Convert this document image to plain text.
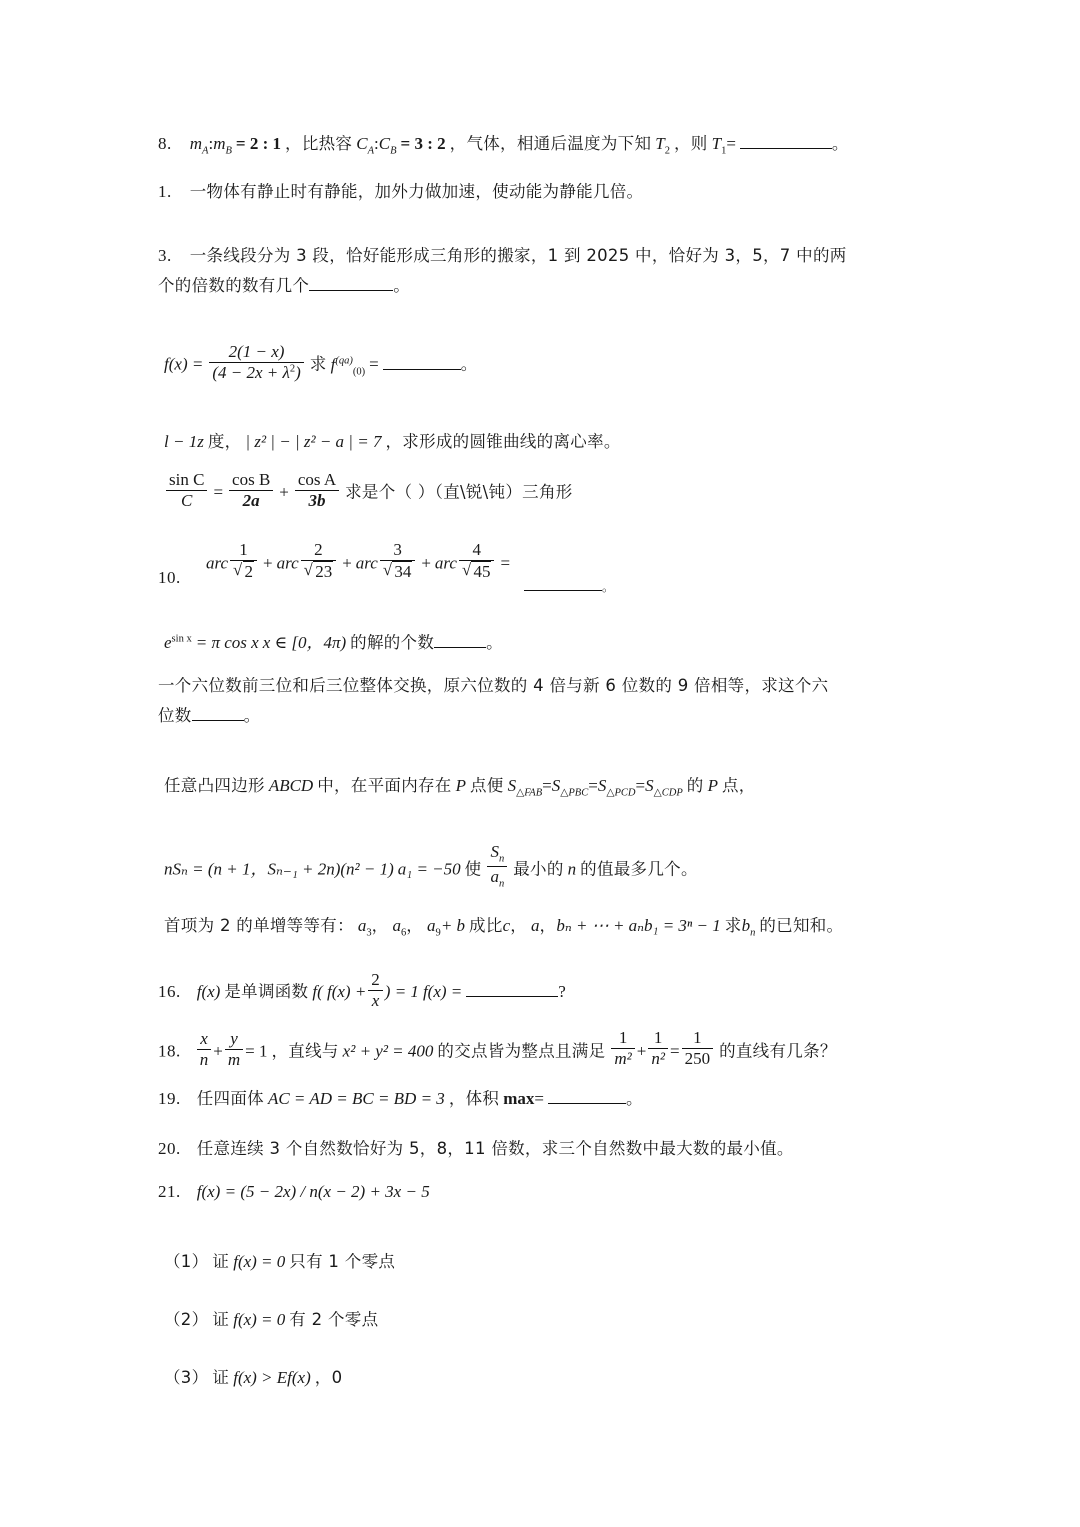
8. $m_A:m_B = 2$ : 1 ，比热容 $C_A:C_B = 3$ : 2 ，气体，相通后温度为下知 $T_2$ ，则 $T_1=$	。
1. 一物体有静止时有静能，加外力做加速，使动能为静能几倍。
3. 一条线段分为 3 段，恰好能形成三角形的搬家，1 到 2025 中，恰好为 3，5，7 中的两
个的倍数的数有几个	。
$f(x) = \frac{2(1 - x)}{(4 - 2x + \lambda^2)}$ 求 $f^{(qa)}_{(0)}$ =	。
l − 1z 度， | z² | − | z² − a | = 7 ，求形成的圆锥曲线的离心率。
$\frac{\text{sin C}}{C} = \frac{\text{cos B}}{2a} + \frac{\text{cos A}}{3b}$ 求是个（ ）（直\锐\钝）三角形
10.
arc 1
√ 2 + arc 2
√ 23 + arc 3
√ 34 + arc 4
√ 45 =
。
$e^{sin x} = \pi$ cos x x ∈ [0，4π) 的解的个数	。
一个六位数前三位和后三位整体交换，原六位数的 4 倍与新 6 位数的 9 倍相等，求这个六
位数	。
任意凸四边形 ABCD 中，在平面内存在 P 点便 $S_{\triangle FAB}=S_{\triangle PBC}=S_{\triangle PCD}=S_{\triangle CDP}$ 的 P 点，
nSₙ = (n + 1，Sₙ₋₁ + 2n)(n² − 1) a₁ = −50 使 $\frac{S_n}{a_n}$ 最小的 n 的值最多几个。
首项为 2 的单增等等有： $a_3$， $a_6$， $a_9+ b$ 成比c， a，bₙ + ⋯ + aₙb₁ = 3ⁿ − 1 求$b_n$ 的已知和。
16. f(x) 是单调函数 f( $f(x) + \frac{2}{x}$ ) = 1 f(x) =	?
18. $\frac{x}{n} + \frac{y}{m} = 1$ ，直线与 x² + y² = 400 的交点皆为整点且满足 $\frac{1}{\text{m²}} + \frac{1}{\text{n²}} = \frac{1}{250}$ 的直线有几条？
19. 任四面体 AC = AD = BC = BD = 3 ，体积 max=	。
20. 任意连续 3 个自然数恰好为 5，8，11 倍数，求三个自然数中最大数的最小值。
21. f(x) = (5 − 2x) / n(x − 2) + 3x − 5
（1） 证 f(x) = 0 只有 1 个零点
（2） 证 f(x) = 0 有 2 个零点
（3） 证 f(x) > Ef(x) ，0
